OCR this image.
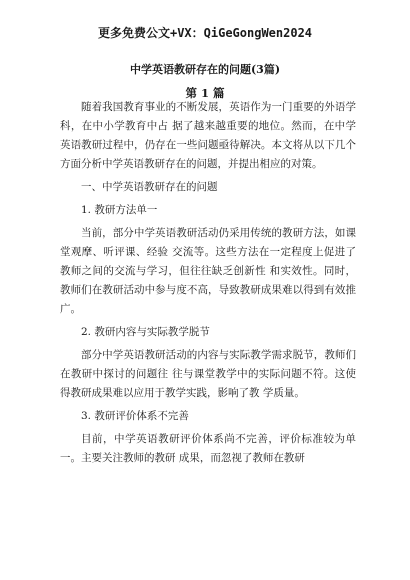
更多免费公文+VX：QiGeGongWen2024
中学英语教研存在的问题(3篇)
第 1 篇

随着我国教育事业的不断发展，英语作为一门重要的外语学科，在中小学教育中占 据了越来越重要的地位。然而，在中学英语教研过程中，仍存在一些问题亟待解决。本文将从以下几个方面分析中学英语教研存在的问题，并提出相应的对策。

一、中学英语教研存在的问题

1. 教研方法单一

当前，部分中学英语教研活动仍采用传统的教研方法，如课堂观摩、听评课、经验 交流等。这些方法在一定程度上促进了教师之间的交流与学习，但往往缺乏创新性 和实效性。同时，教师们在教研活动中参与度不高，导致教研成果难以得到有效推 广。

2. 教研内容与实际教学脱节

部分中学英语教研活动的内容与实际教学需求脱节，教师们在教研中探讨的问题往 往与课堂教学中的实际问题不符。这使得教研成果难以应用于教学实践，影响了教 学质量。

3. 教研评价体系不完善

目前，中学英语教研评价体系尚不完善，评价标准较为单一。主要关注教师的教研 成果，而忽视了教师在教研
